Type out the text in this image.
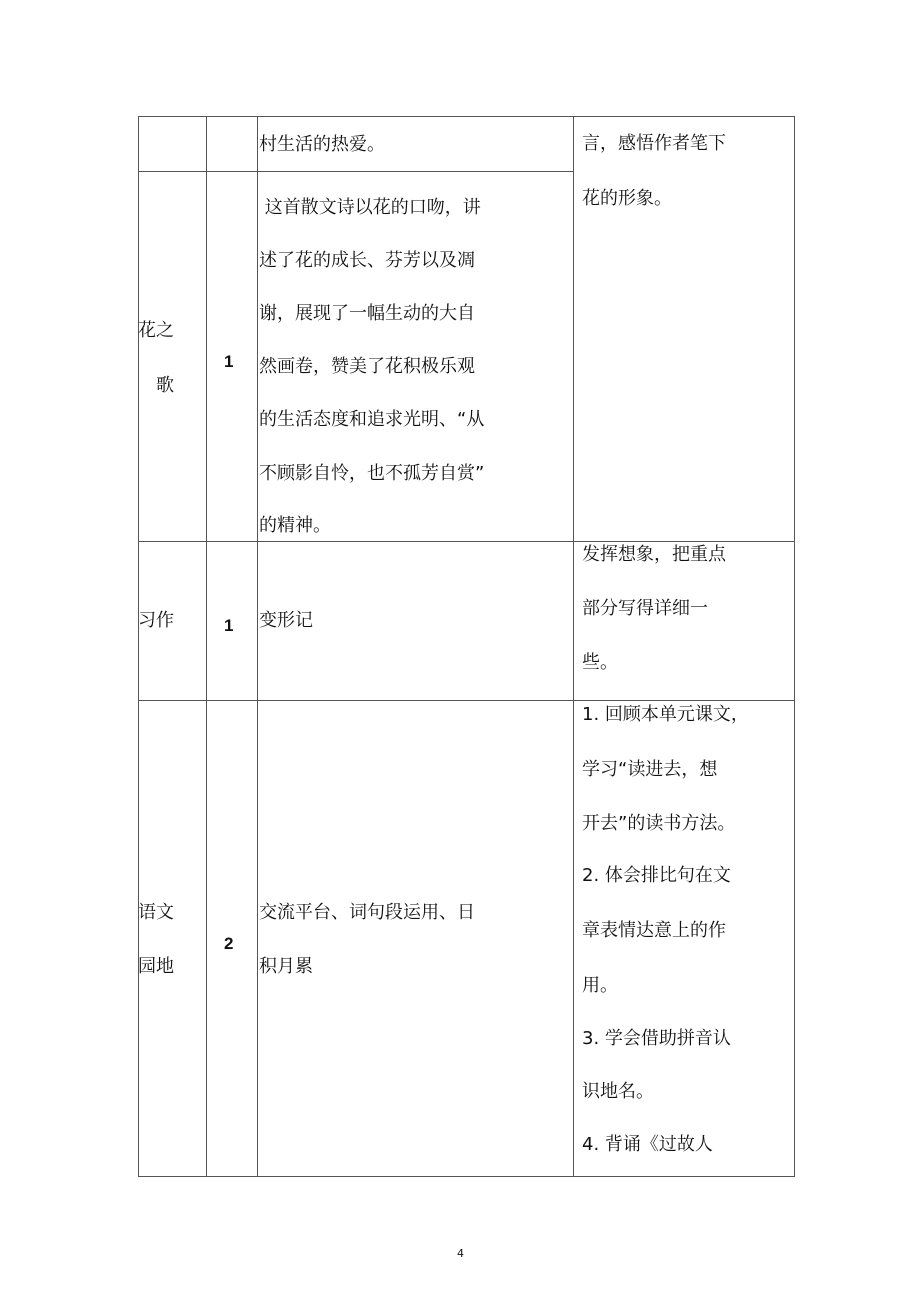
村生活的热爱。	言，感悟作者笔下
花的形象。
花之
歌
1
这首散文诗以花的口吻，讲
述了花的成长、芬芳以及凋
谢，展现了一幅生动的大自
然画卷，赞美了花积极乐观
的生活态度和追求光明、“从
不顾影自怜，也不孤芳自赏”
的精神。
习作	1 变形记
发挥想象，把重点
部分写得详细一
些。
语文
园地
2
交流平台、词句段运用、日
积月累
1. 回顾本单元课文，
学习“读进去，想
开去”的读书方法。
2. 体会排比句在文
章表情达意上的作
用。
3. 学会借助拼音认
识地名。
4. 背诵《过故人
4
